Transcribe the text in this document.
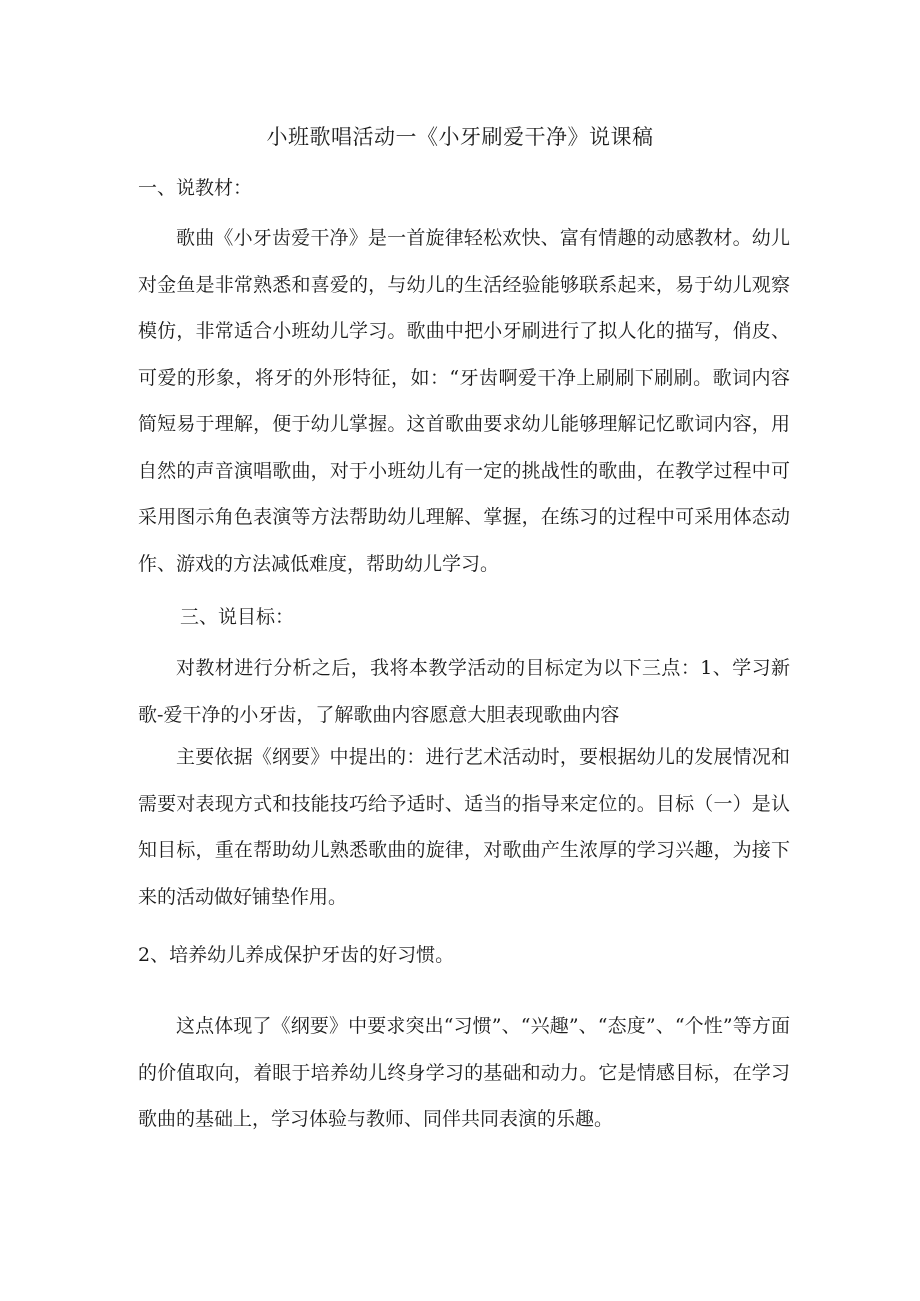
小班歌唱活动一《小牙刷爱干净》说课稿
一、说教材：

歌曲《小牙齿爱干净》是一首旋律轻松欢快、富有情趣的动感教材。幼儿对金鱼是非常熟悉和喜爱的，与幼儿的生活经验能够联系起来，易于幼儿观察模仿，非常适合小班幼儿学习。歌曲中把小牙刷进行了拟人化的描写，俏皮、可爱的形象，将牙的外形特征，如：“牙齿啊爱干净上刷刷下刷刷。歌词内容简短易于理解，便于幼儿掌握。这首歌曲要求幼儿能够理解记忆歌词内容，用自然的声音演唱歌曲，对于小班幼儿有一定的挑战性的歌曲，在教学过程中可采用图示角色表演等方法帮助幼儿理解、掌握，在练习的过程中可采用体态动作、游戏的方法减低难度，帮助幼儿学习。

三、说目标：

对教材进行分析之后，我将本教学活动的目标定为以下三点：1、学习新歌-爱干净的小牙齿，了解歌曲内容愿意大胆表现歌曲内容

主要依据《纲要》中提出的：进行艺术活动时，要根据幼儿的发展情况和需要对表现方式和技能技巧给予适时、适当的指导来定位的。目标（一）是认知目标，重在帮助幼儿熟悉歌曲的旋律，对歌曲产生浓厚的学习兴趣，为接下来的活动做好铺垫作用。

2、培养幼儿养成保护牙齿的好习惯。

这点体现了《纲要》中要求突出“习惯”、“兴趣”、“态度”、“个性”等方面的价值取向，着眼于培养幼儿终身学习的基础和动力。它是情感目标，在学习歌曲的基础上，学习体验与教师、同伴共同表演的乐趣。
